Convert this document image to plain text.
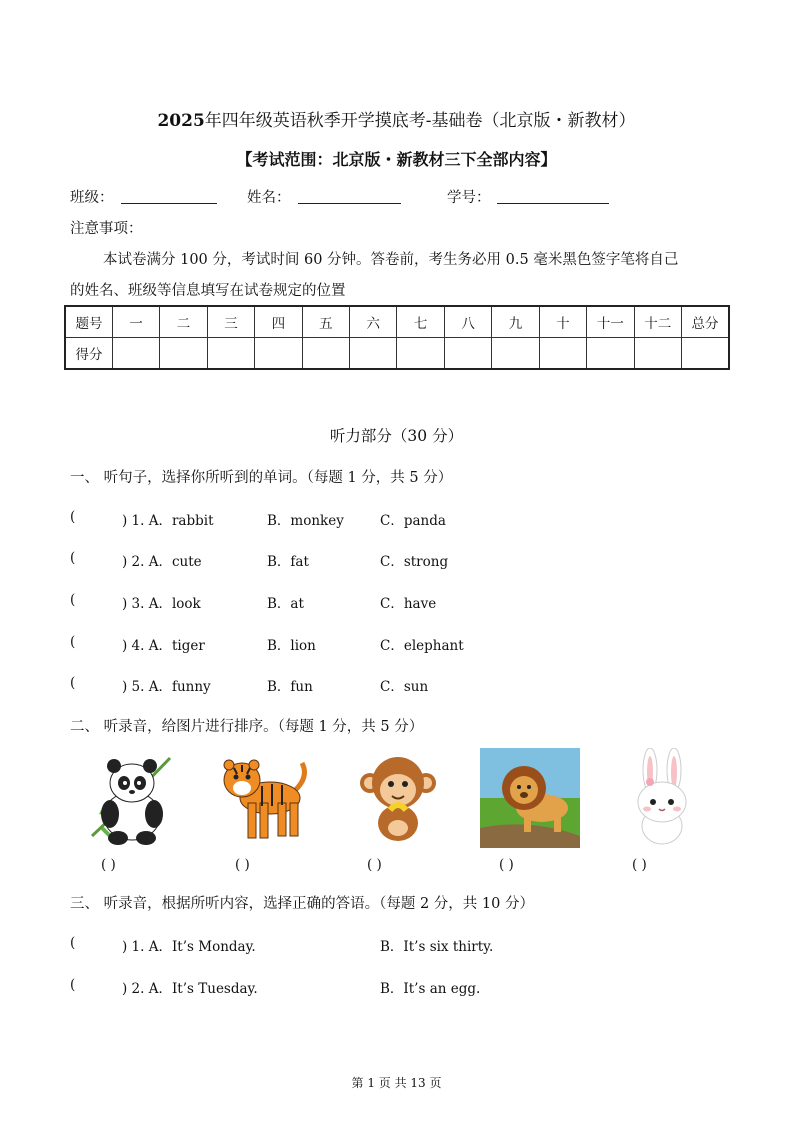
2025年四年级英语秋季开学摸底考-基础卷（北京版・新教材）
【考试范围：北京版・新教材三下全部内容】
班级：	姓名：	学号：
注意事项：
本试卷满分 100 分，考试时间 60 分钟。答卷前，考生务必用 0.5 毫米黑色签字笔将自己
的姓名、班级等信息填写在试卷规定的位置
题号	一	二	三	四	五	六	七	八	九	十	十一	十二	总分
得分													
听力部分（30 分）
一、 听句子，选择你所听到的单词。（每题 1 分，共 5 分）
(	) 1. A．rabbit	B．monkey	C．panda
(	) 2. A．cute	B．fat	C．strong
(	) 3. A．look	B．at	C．have
(	) 4. A．tiger	B．lion	C．elephant
(	) 5. A．funny	B．fun	C．sun
二、 听录音，给图片进行排序。（每题 1 分，共 5 分）
( )	( )	( )	( )	( )
三、 听录音，根据所听内容，选择正确的答语。（每题 2 分，共 10 分）
(	) 1. A．It’s Monday.	B．It’s six thirty.
(	) 2. A．It’s Tuesday.	B．It’s an egg.
第 1 页 共 13 页
